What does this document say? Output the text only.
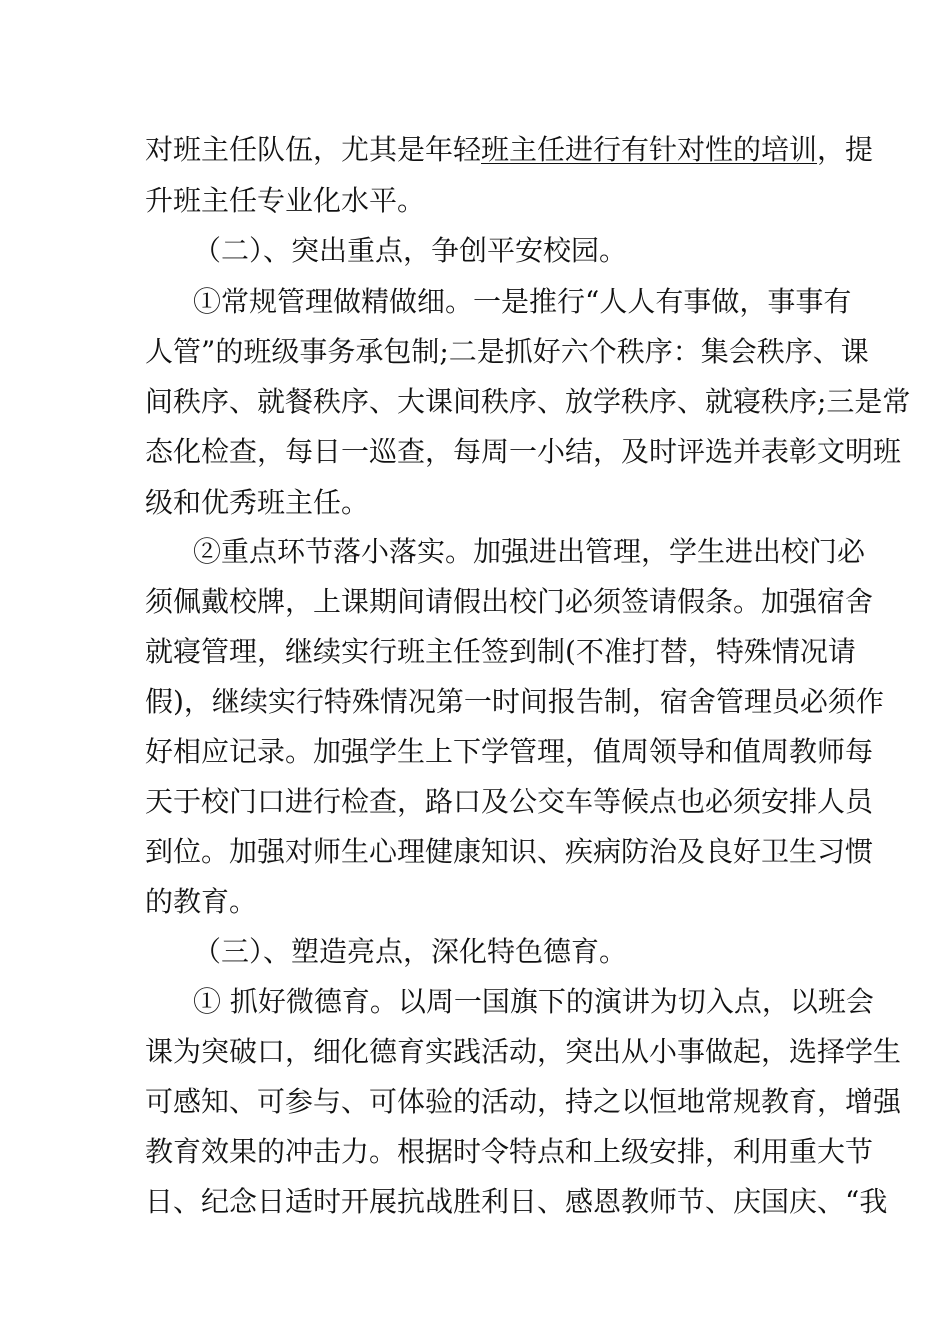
对班主任队伍，尤其是年轻班主任进行有针对性的培训，提

升班主任专业化水平。

（二）、突出重点，争创平安校园。

①常规管理做精做细。一是推行“人人有事做，事事有

人管”的班级事务承包制;二是抓好六个秩序：集会秩序、课

间秩序、就餐秩序、大课间秩序、放学秩序、就寝秩序;三是常

态化检查，每日一巡查，每周一小结，及时评选并表彰文明班

级和优秀班主任。

②重点环节落小落实。加强进出管理，学生进出校门必

须佩戴校牌，上课期间请假出校门必须签请假条。加强宿舍

就寝管理，继续实行班主任签到制(不准打替，特殊情况请

假)，继续实行特殊情况第一时间报告制，宿舍管理员必须作

好相应记录。加强学生上下学管理，值周领导和值周教师每

天于校门口进行检查，路口及公交车等候点也必须安排人员

到位。加强对师生心理健康知识、疾病防治及良好卫生习惯

的教育。

（三）、塑造亮点，深化特色德育。

① 抓好微德育。以周一国旗下的演讲为切入点，以班会

课为突破口，细化德育实践活动，突出从小事做起，选择学生

可感知、可参与、可体验的活动，持之以恒地常规教育，增强

教育效果的冲击力。根据时令特点和上级安排，利用重大节

日、纪念日适时开展抗战胜利日、感恩教师节、庆国庆、“我
